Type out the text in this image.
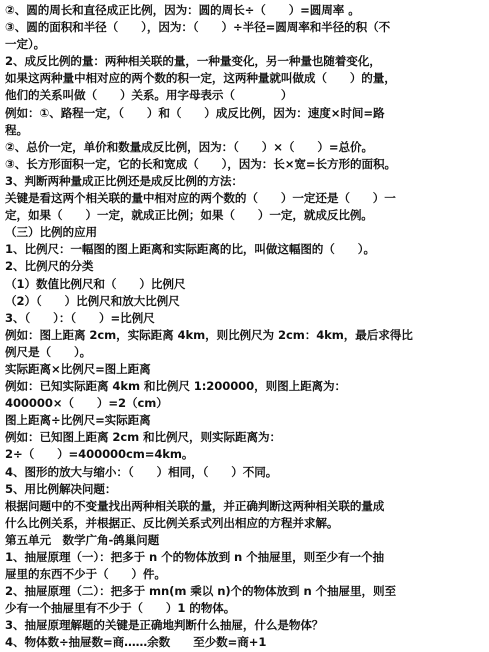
②、圆的周长和直径成正比例，因为：圆的周长÷（　　）=圆周率 。
③、圆的面积和半径（　　），因为：（　　）÷半径=圆周率和半径的积（不
一定）。
2、成反比例的量：两种相关联的量，一种量变化，另一种量也随着变化，
如果这两种量中相对应的两个数的积一定，这两种量就叫做成（　　）的量，
他们的关系叫做（　　）关系。用字母表示（　　　　）
例如：①、路程一定，（　　）和（　　）成反比例，因为：速度×时间=路
程。
②、总价一定，单价和数量成反比例，因为：（　　）×（　　）=总价。
③、长方形面积一定，它的长和宽成（　　），因为：长×宽=长方形的面积。
3、判断两种量成正比例还是成反比例的方法：
关键是看这两个相关联的量中相对应的两个数的（　　）一定还是（　　）一
定，如果（　　）一定，就成正比例；如果（　　）一定，就成反比例。
（三）比例的应用
1、比例尺：一幅图的图上距离和实际距离的比，叫做这幅图的（　　）。
2、比例尺的分类
（1）数值比例尺和（　　）比例尺
（2）（　　）比例尺和放大比例尺
3、（　　）：（　　）=比例尺
例如：图上距离 2cm，实际距离 4km，则比例尺为 2cm：4km，最后求得比
例尺是（　　）。
实际距离×比例尺=图上距离
例如：已知实际距离 4km 和比例尺 1:200000，则图上距离为：
400000×（　　）=2（cm）
图上距离÷比例尺=实际距离
例如：已知图上距离 2cm 和比例尺，则实际距离为：
2÷（　　）=400000cm=4km。
4、图形的放大与缩小：（　　）相同，（　　）不同。
5、用比例解决问题：
根据问题中的不变量找出两种相关联的量，并正确判断这两种相关联的量成
什么比例关系，并根据正、反比例关系式列出相应的方程并求解。
第五单元　数学广角-鸽巢问题
1、抽屉原理（一）：把多于 n 个的物体放到 n 个抽屉里，则至少有一个抽
屉里的东西不少于（　　）件。
2、抽屉原理（二）：把多于 mn(m 乘以 n)个的物体放到 n 个抽屉里，则至
少有一个抽屉里有不少于（　　）1 的物体。
3、抽屉原理解题的关键是正确地判断什么抽屉，什么是物体？
4、物体数÷抽屉数=商……余数　　至少数=商+1
